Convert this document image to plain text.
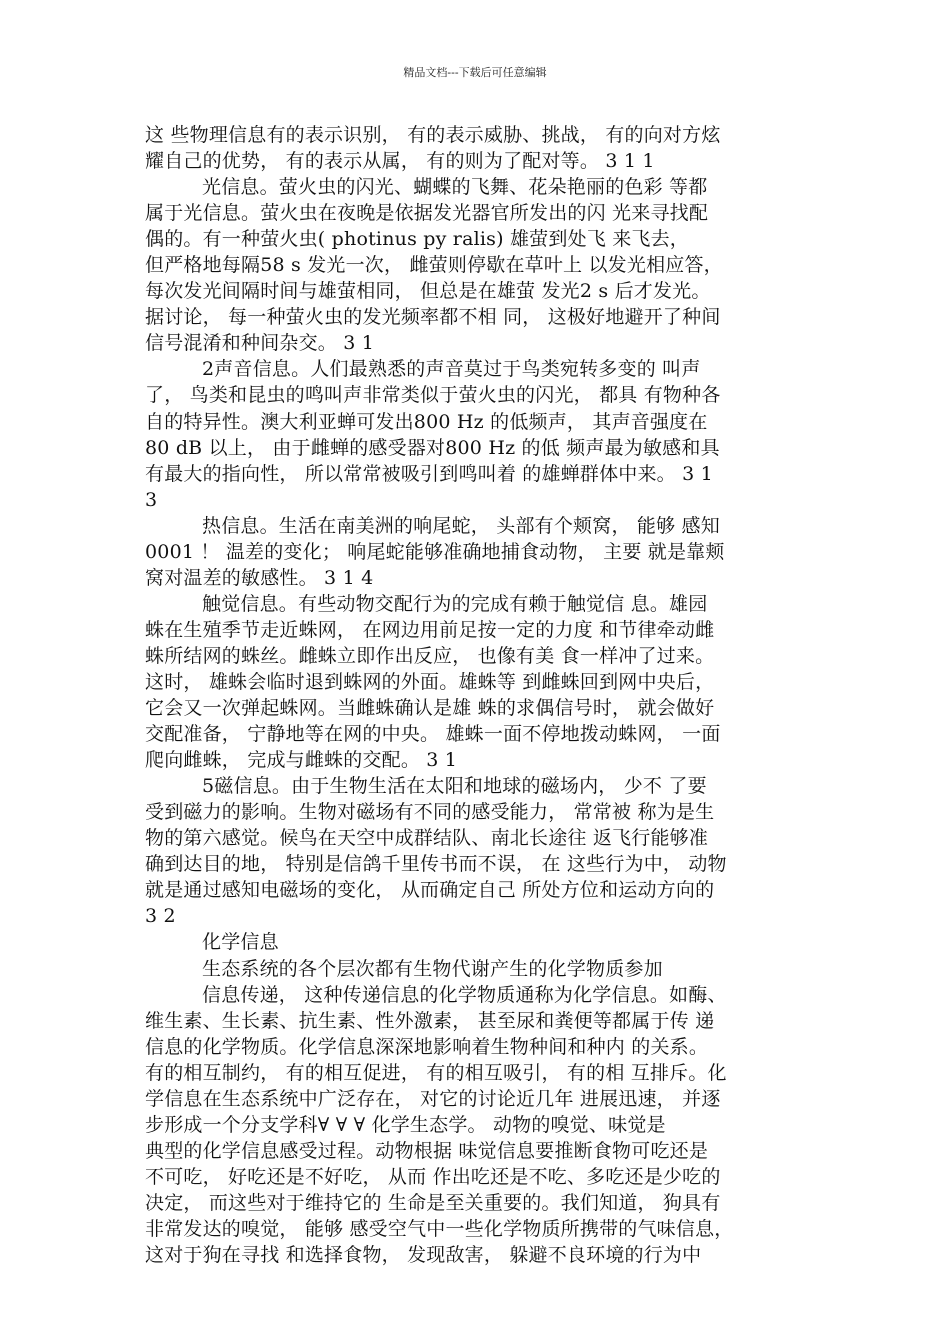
精品文档---下载后可任意编辑
这 些物理信息有的表示识别， 有的表示威胁、挑战， 有的向对方炫
耀自己的优势， 有的表示从属， 有的则为了配对等。 3 1 1
光信息。萤火虫的闪光、蝴蝶的飞舞、花朵艳丽的色彩 等都
属于光信息。萤火虫在夜晚是依据发光器官所发出的闪 光来寻找配
偶的。有一种萤火虫( photinus py ralis) 雄萤到处飞 来飞去，
但严格地每隔58 s 发光一次， 雌萤则停歇在草叶上 以发光相应答，
每次发光间隔时间与雄萤相同， 但总是在雄萤 发光2 s 后才发光。
据讨论， 每一种萤火虫的发光频率都不相 同， 这极好地避开了种间
信号混淆和种间杂交。 3 1
2声音信息。人们最熟悉的声音莫过于鸟类宛转多变的 叫声
了， 鸟类和昆虫的鸣叫声非常类似于萤火虫的闪光， 都具 有物种各
自的特异性。澳大利亚蝉可发出800 Hz 的低频声， 其声音强度在
80 dB 以上， 由于雌蝉的感受器对800 Hz 的低 频声最为敏感和具
有最大的指向性， 所以常常被吸引到鸣叫着 的雄蝉群体中来。 3 1
3
热信息。生活在南美洲的响尾蛇， 头部有个颊窝， 能够 感知
0001 ！ 温差的变化； 响尾蛇能够准确地捕食动物， 主要 就是靠颊
窝对温差的敏感性。 3 1 4
触觉信息。有些动物交配行为的完成有赖于触觉信 息。雄园
蛛在生殖季节走近蛛网， 在网边用前足按一定的力度 和节律牵动雌
蛛所结网的蛛丝。雌蛛立即作出反应， 也像有美 食一样冲了过来。
这时， 雄蛛会临时退到蛛网的外面。雄蛛等 到雌蛛回到网中央后，
它会又一次弹起蛛网。当雌蛛确认是雄 蛛的求偶信号时， 就会做好
交配准备， 宁静地等在网的中央。 雄蛛一面不停地拨动蛛网， 一面
爬向雌蛛， 完成与雌蛛的交配。 3 1
5磁信息。由于生物生活在太阳和地球的磁场内， 少不 了要
受到磁力的影响。生物对磁场有不同的感受能力， 常常被 称为是生
物的第六感觉。候鸟在天空中成群结队、南北长途往 返飞行能够准
确到达目的地， 特别是信鸽千里传书而不误， 在 这些行为中， 动物
就是通过感知电磁场的变化， 从而确定自己 所处方位和运动方向的
3 2
化学信息
生态系统的各个层次都有生物代谢产生的化学物质参加
信息传递， 这种传递信息的化学物质通称为化学信息。如酶、
维生素、生长素、抗生素、性外激素， 甚至尿和粪便等都属于传 递
信息的化学物质。化学信息深深地影响着生物种间和种内 的关系。
有的相互制约， 有的相互促进， 有的相互吸引， 有的相 互排斥。化
学信息在生态系统中广泛存在， 对它的讨论近几年 进展迅速， 并逐
步形成一个分支学科∀ ∀ ∀ 化学生态学。 动物的嗅觉、味觉是
典型的化学信息感受过程。动物根据 味觉信息要推断食物可吃还是
不可吃， 好吃还是不好吃， 从而 作出吃还是不吃、多吃还是少吃的
决定， 而这些对于维持它的 生命是至关重要的。我们知道， 狗具有
非常发达的嗅觉， 能够 感受空气中一些化学物质所携带的气味信息，
这对于狗在寻找 和选择食物， 发现敌害， 躲避不良环境的行为中
